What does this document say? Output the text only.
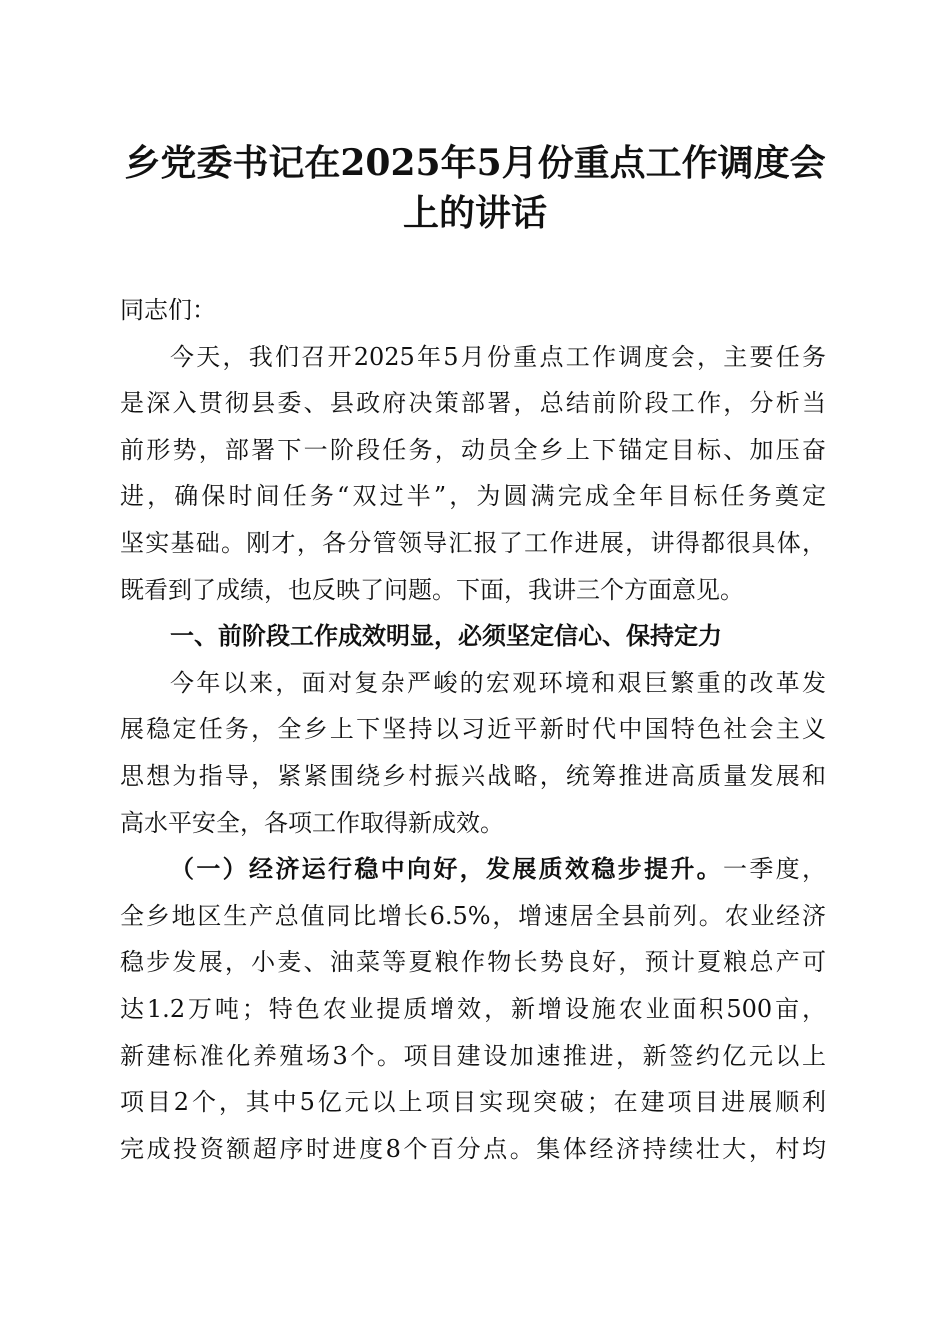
乡党委书记在2025年5月份重点工作调度会
上的讲话
同志们：
今天，我们召开2025年5月份重点工作调度会，主要任务
是深入贯彻县委、县政府决策部署，总结前阶段工作，分析当
前形势，部署下一阶段任务，动员全乡上下锚定目标、加压奋
进，确保时间任务“双过半”，为圆满完成全年目标任务奠定
坚实基础。刚才，各分管领导汇报了工作进展，讲得都很具体，
既看到了成绩，也反映了问题。下面，我讲三个方面意见。
一、前阶段工作成效明显，必须坚定信心、保持定力
今年以来，面对复杂严峻的宏观环境和艰巨繁重的改革发
展稳定任务，全乡上下坚持以习近平新时代中国特色社会主义
思想为指导，紧紧围绕乡村振兴战略，统筹推进高质量发展和
高水平安全，各项工作取得新成效。
（一）经济运行稳中向好，发展质效稳步提升。一季度，
全乡地区生产总值同比增长6.5%，增速居全县前列。农业经济
稳步发展，小麦、油菜等夏粮作物长势良好，预计夏粮总产可
达1.2万吨；特色农业提质增效，新增设施农业面积500亩，
新建标准化养殖场3个。项目建设加速推进，新签约亿元以上
项目2个，其中5亿元以上项目实现突破；在建项目进展顺利
完成投资额超序时进度8个百分点。集体经济持续壮大，村均
